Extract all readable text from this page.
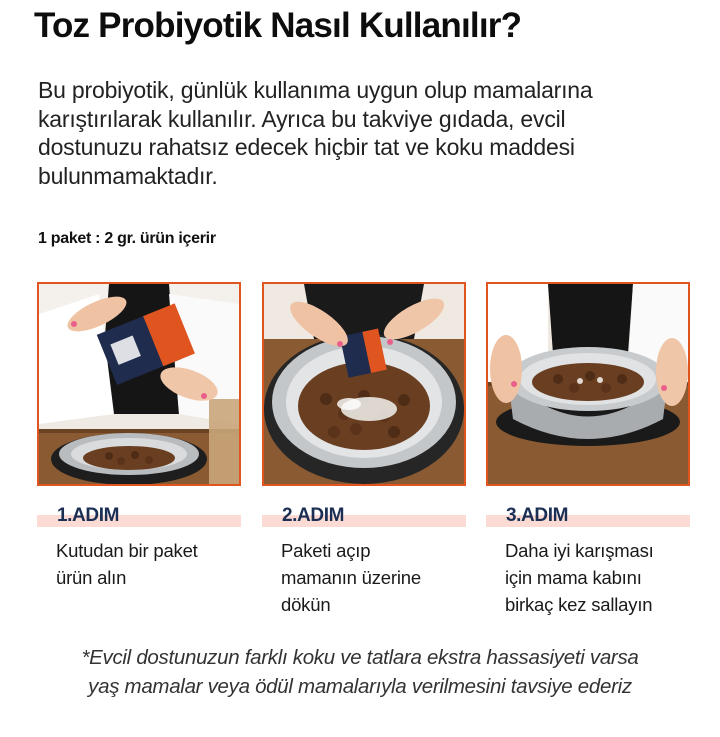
Toz Probiyotik Nasıl Kullanılır?
Bu probiyotik, günlük kullanıma uygun olup mamalarına
karıştırılarak kullanılır. Ayrıca bu takviye gıdada, evcil
dostunuzu rahatsız edecek hiçbir tat ve koku maddesi
bulunmamaktadır.

1 paket : 2 gr. ürün içerir

1.ADIM
Kutudan bir paket
ürün alın
2.ADIM
Paketi açıp
mamanın üzerine
dökün
3.ADIM
Daha iyi karışması
için mama kabını
birkaç kez sallayın
*Evcil dostunuzun farklı koku ve tatlara ekstra hassasiyeti varsa
yaş mamalar veya ödül mamalarıyla verilmesini tavsiye ederiz
